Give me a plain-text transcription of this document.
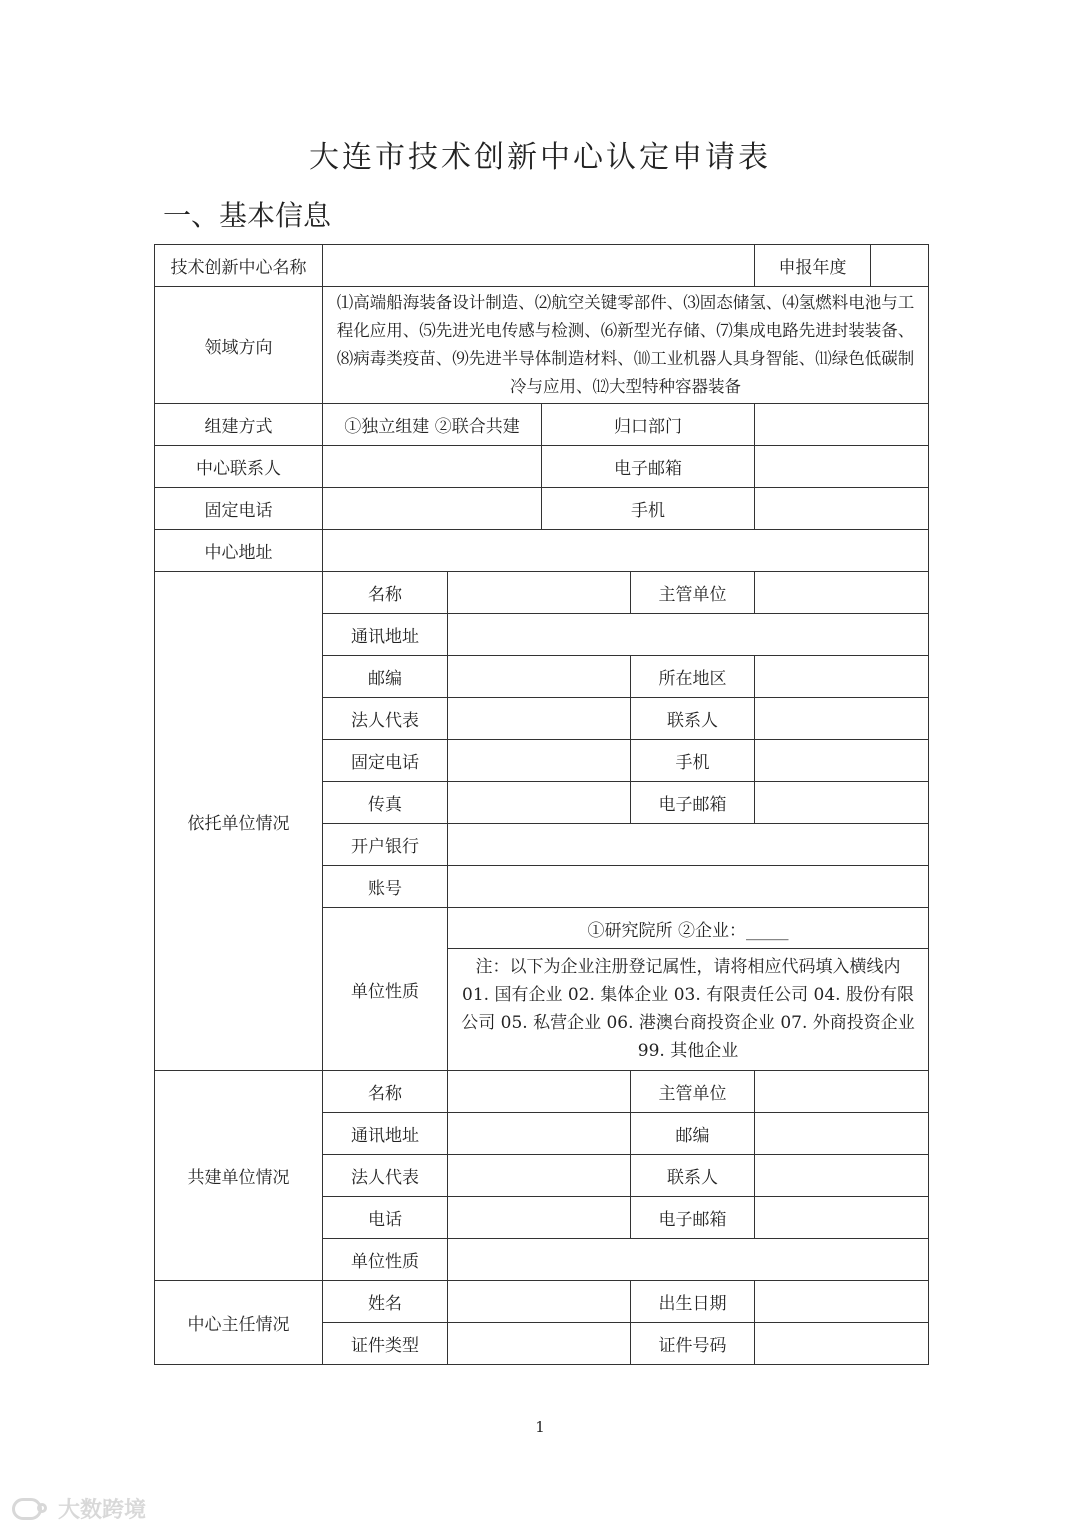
大连市技术创新中心认定申请表
一、基本信息
技术创新中心名称					申报年度

领域方向	⑴高端船海装备设计制造、⑵航空关键零部件、⑶固态储氢、⑷氢燃料电池与工程化应用、⑸先进光电传感与检测、⑹新型光存储、⑺集成电路先进封装装备、⑻病毒类疫苗、⑼先进半导体制造材料、⑽工业机器人具身智能、⑾绿色低碳制冷与应用、⑿大型特种容器装备				

组建方式	①独立组建 ②联合共建		归口部门		
中心联系人			电子邮箱		
固定电话			手机		
中心地址					
依托单位情况	名称			主管单位	
	通讯地址				
	邮编			所在地区	
	法人代表			联系人	
	固定电话			手机	
	传真			电子邮箱	
	开户银行				
	账号				
	单位性质	①研究院所 ②企业：_____
注：以下为企业注册登记属性，请将相应代码填入横线内 01. 国有企业 02. 集体企业 03. 有限责任公司 04. 股份有限公司 05. 私营企业 06. 港澳台商投资企业 07. 外商投资企业 99. 其他企业			

共建单位情况	名称			主管单位	
	通讯地址			邮编	
	法人代表			联系人	
	电话			电子邮箱	
	单位性质				
中心主任情况	姓名			出生日期	
	证件类型			证件号码	
1
大数跨境
